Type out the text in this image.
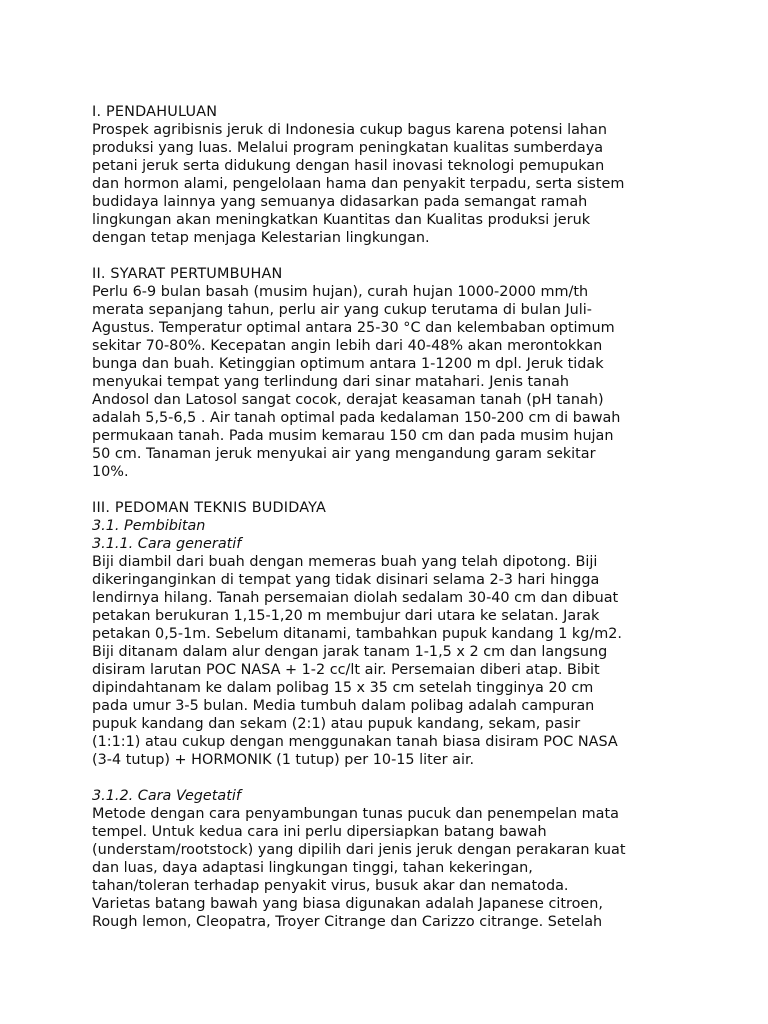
I. PENDAHULUAN

Prospek agribisnis jeruk di Indonesia cukup bagus karena potensi lahan
produksi yang luas. Melalui program peningkatan kualitas sumberdaya
petani jeruk serta didukung dengan hasil inovasi teknologi pemupukan
dan hormon alami, pengelolaan hama dan penyakit terpadu, serta sistem
budidaya lainnya yang semuanya didasarkan pada semangat ramah
lingkungan akan meningkatkan Kuantitas dan Kualitas produksi jeruk
dengan tetap menjaga Kelestarian lingkungan.

II. SYARAT PERTUMBUHAN

Perlu 6-9 bulan basah (musim hujan), curah hujan 1000-2000 mm/th
merata sepanjang tahun, perlu air yang cukup terutama di bulan Juli-
Agustus. Temperatur optimal antara 25-30 °C dan kelembaban optimum
sekitar 70-80%. Kecepatan angin lebih dari 40-48% akan merontokkan
bunga dan buah. Ketinggian optimum antara 1-1200 m dpl. Jeruk tidak
menyukai tempat yang terlindung dari sinar matahari. Jenis tanah
Andosol dan Latosol sangat cocok, derajat keasaman tanah (pH tanah)
adalah 5,5-6,5 . Air tanah optimal pada kedalaman 150-200 cm di bawah
permukaan tanah. Pada musim kemarau 150 cm dan pada musim hujan
50 cm. Tanaman jeruk menyukai air yang mengandung garam sekitar
10%.

III. PEDOMAN TEKNIS BUDIDAYA
3.1. Pembibitan
3.1.1. Cara generatif

Biji diambil dari buah dengan memeras buah yang telah dipotong. Biji
dikeringanginkan di tempat yang tidak disinari selama 2-3 hari hingga
lendirnya hilang. Tanah persemaian diolah sedalam 30-40 cm dan dibuat
petakan berukuran 1,15-1,20 m membujur dari utara ke selatan. Jarak
petakan 0,5-1m. Sebelum ditanami, tambahkan pupuk kandang 1 kg/m2.
Biji ditanam dalam alur dengan jarak tanam 1-1,5 x 2 cm dan langsung
disiram larutan POC NASA + 1-2 cc/lt air. Persemaian diberi atap. Bibit
dipindahtanam ke dalam polibag 15 x 35 cm setelah tingginya 20 cm
pada umur 3-5 bulan. Media tumbuh dalam polibag adalah campuran
pupuk kandang dan sekam (2:1) atau pupuk kandang, sekam, pasir
(1:1:1) atau cukup dengan menggunakan tanah biasa disiram POC NASA
(3-4 tutup) + HORMONIK (1 tutup) per 10-15 liter air.

3.1.2. Cara Vegetatif

Metode dengan cara penyambungan tunas pucuk dan penempelan mata
tempel. Untuk kedua cara ini perlu dipersiapkan batang bawah
(understam/rootstock) yang dipilih dari jenis jeruk dengan perakaran kuat
dan luas, daya adaptasi lingkungan tinggi, tahan kekeringan,
tahan/toleran terhadap penyakit virus, busuk akar dan nematoda.
Varietas batang bawah yang biasa digunakan adalah Japanese citroen,
Rough lemon, Cleopatra, Troyer Citrange dan Carizzo citrange. Setelah
